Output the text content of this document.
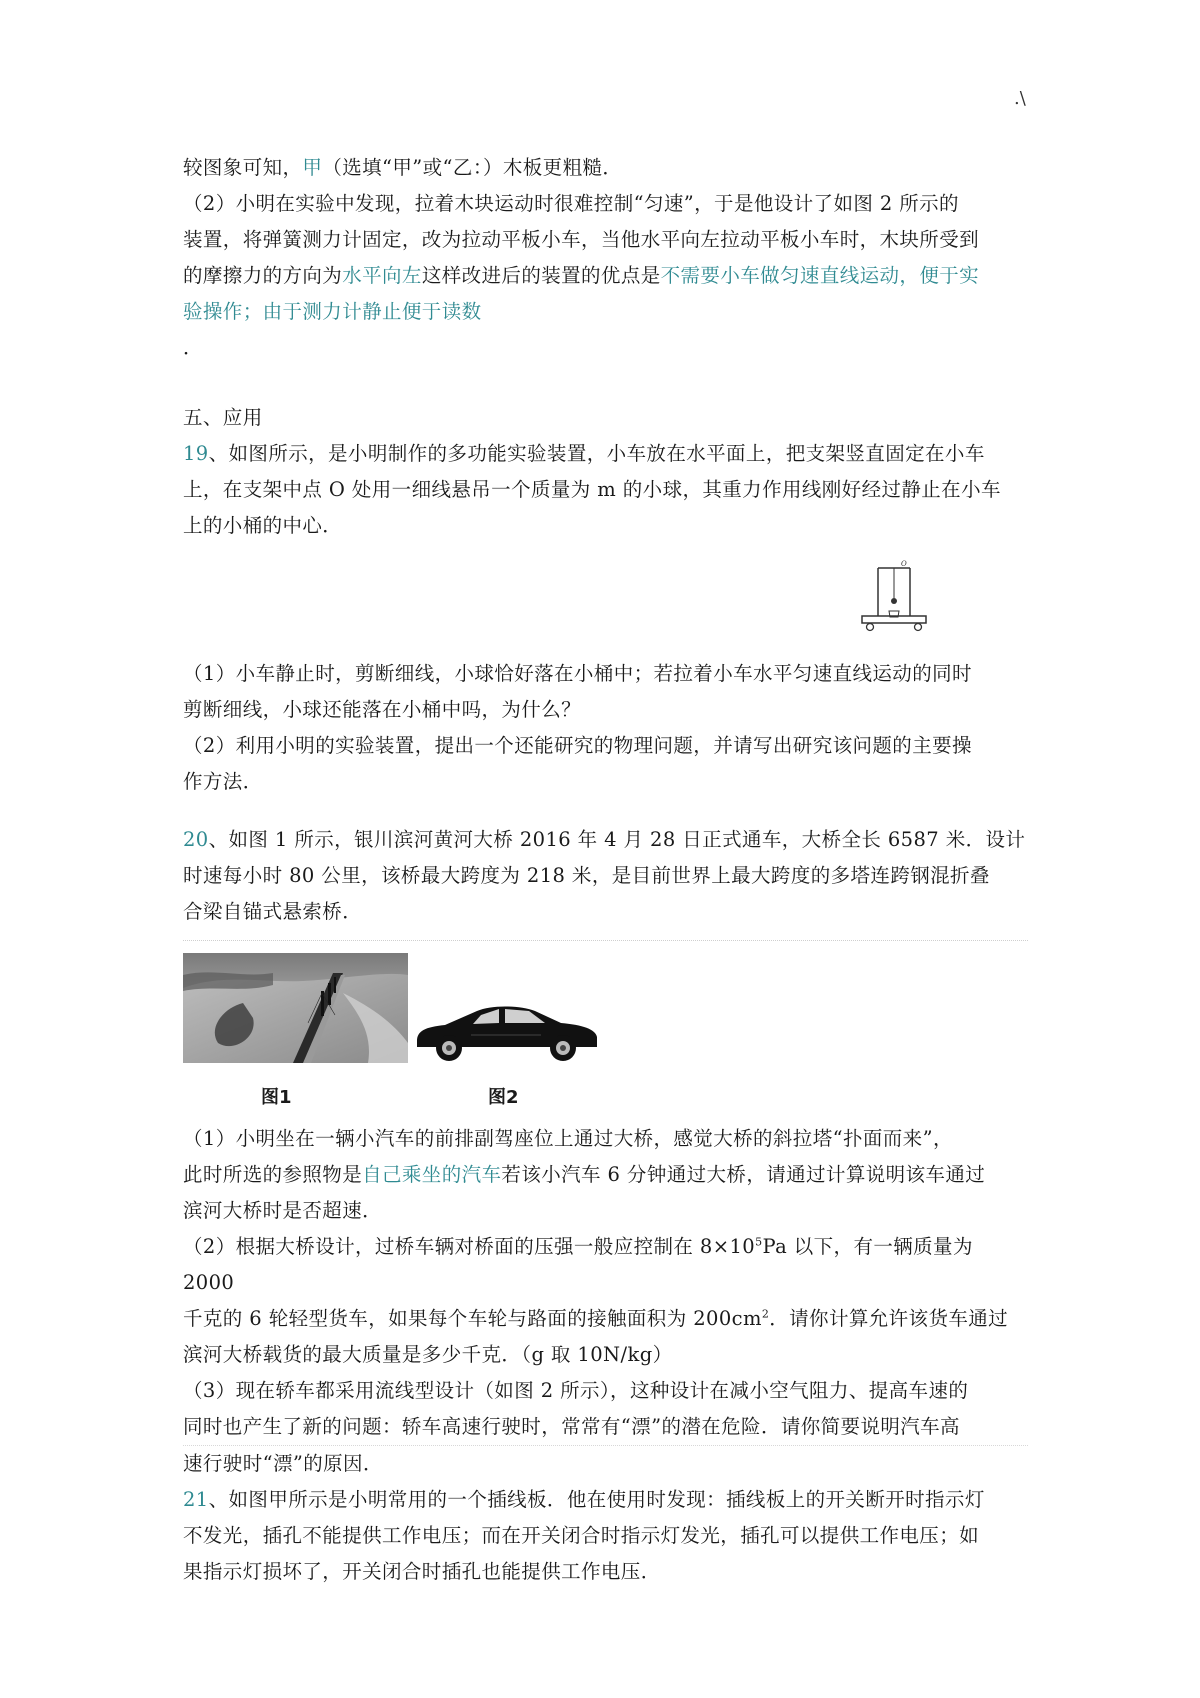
.\

较图象可知，甲（选填“甲”或“乙：）木板更粗糙．

（2）小明在实验中发现，拉着木块运动时很难控制“匀速”，于是他设计了如图 2 所示的

装置，将弹簧测力计固定，改为拉动平板小车，当他水平向左拉动平板小车时，木块所受到

的摩擦力的方向为水平向左这样改进后的装置的优点是不需要小车做匀速直线运动，便于实

验操作；由于测力计静止便于读数

．

五、应用

19、如图所示，是小明制作的多功能实验装置，小车放在水平面上，把支架竖直固定在小车

上，在支架中点 O 处用一细线悬吊一个质量为 m 的小球，其重力作用线刚好经过静止在小车

上的小桶的中心．

O

（1）小车静止时，剪断细线，小球恰好落在小桶中；若拉着小车水平匀速直线运动的同时

剪断细线，小球还能落在小桶中吗，为什么？

（2）利用小明的实验装置，提出一个还能研究的物理问题，并请写出研究该问题的主要操

作方法．

20、如图 1 所示，银川滨河黄河大桥 2016 年 4 月 28 日正式通车，大桥全长 6587 米．设计

时速每小时 80 公里，该桥最大跨度为 218 米，是目前世界上最大跨度的多塔连跨钢混折叠

合梁自锚式悬索桥．

图1	图2

（1）小明坐在一辆小汽车的前排副驾座位上通过大桥，感觉大桥的斜拉塔“扑面而来”，

此时所选的参照物是自己乘坐的汽车若该小汽车 6 分钟通过大桥，请通过计算说明该车通过

滨河大桥时是否超速．

（2）根据大桥设计，过桥车辆对桥面的压强一般应控制在 $8\times 10^5Pa$ 以下，有一辆质量为 2000

千克的 6 轮轻型货车，如果每个车轮与路面的接触面积为 $200cm^2$．请你计算允许该货车通过

滨河大桥载货的最大质量是多少千克．（g 取 10N/kg）

（3）现在轿车都采用流线型设计（如图 2 所示），这种设计在减小空气阻力、提高车速的

同时也产生了新的问题：轿车高速行驶时，常常有“漂”的潜在危险．请你简要说明汽车高

速行驶时“漂”的原因．

21、如图甲所示是小明常用的一个插线板．他在使用时发现：插线板上的开关断开时指示灯

不发光，插孔不能提供工作电压；而在开关闭合时指示灯发光，插孔可以提供工作电压；如

果指示灯损坏了，开关闭合时插孔也能提供工作电压．
